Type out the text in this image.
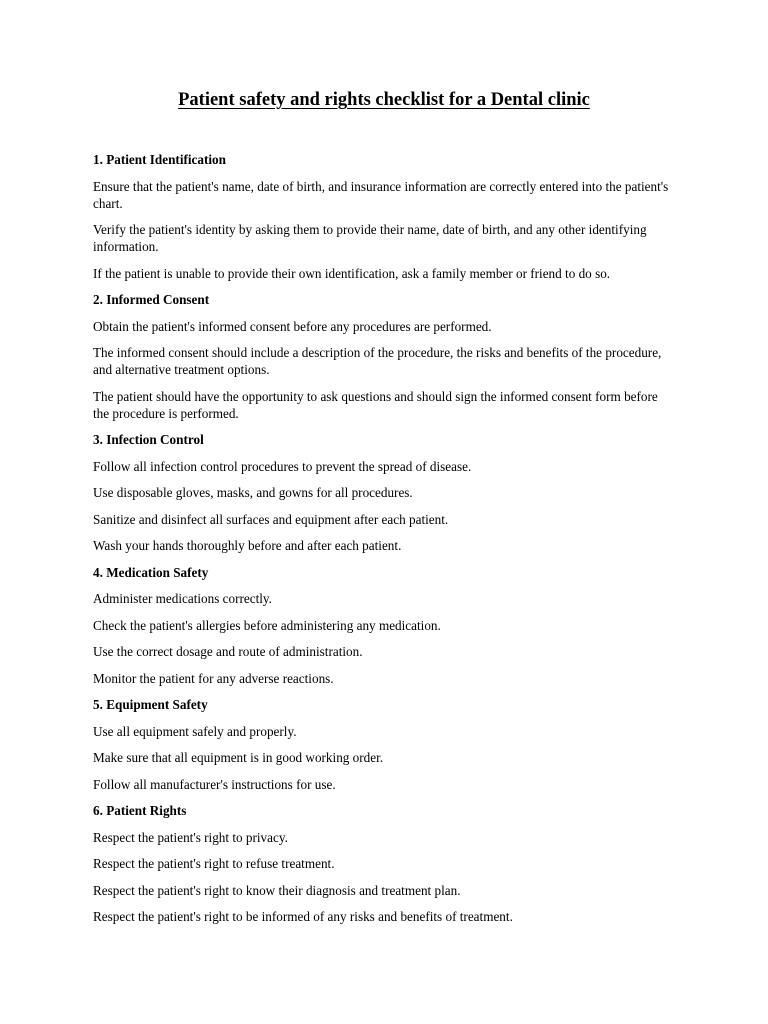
Patient safety and rights checklist for a Dental clinic

1. Patient Identification

Ensure that the patient's name, date of birth, and insurance information are correctly entered into the patient's chart.

Verify the patient's identity by asking them to provide their name, date of birth, and any other identifying information.

If the patient is unable to provide their own identification, ask a family member or friend to do so.

2. Informed Consent

Obtain the patient's informed consent before any procedures are performed.

The informed consent should include a description of the procedure, the risks and benefits of the procedure, and alternative treatment options.

The patient should have the opportunity to ask questions and should sign the informed consent form before the procedure is performed.

3. Infection Control

Follow all infection control procedures to prevent the spread of disease.

Use disposable gloves, masks, and gowns for all procedures.

Sanitize and disinfect all surfaces and equipment after each patient.

Wash your hands thoroughly before and after each patient.

4. Medication Safety

Administer medications correctly.

Check the patient's allergies before administering any medication.

Use the correct dosage and route of administration.

Monitor the patient for any adverse reactions.

5. Equipment Safety

Use all equipment safely and properly.

Make sure that all equipment is in good working order.

Follow all manufacturer's instructions for use.

6. Patient Rights

Respect the patient's right to privacy.

Respect the patient's right to refuse treatment.

Respect the patient's right to know their diagnosis and treatment plan.

Respect the patient's right to be informed of any risks and benefits of treatment.
